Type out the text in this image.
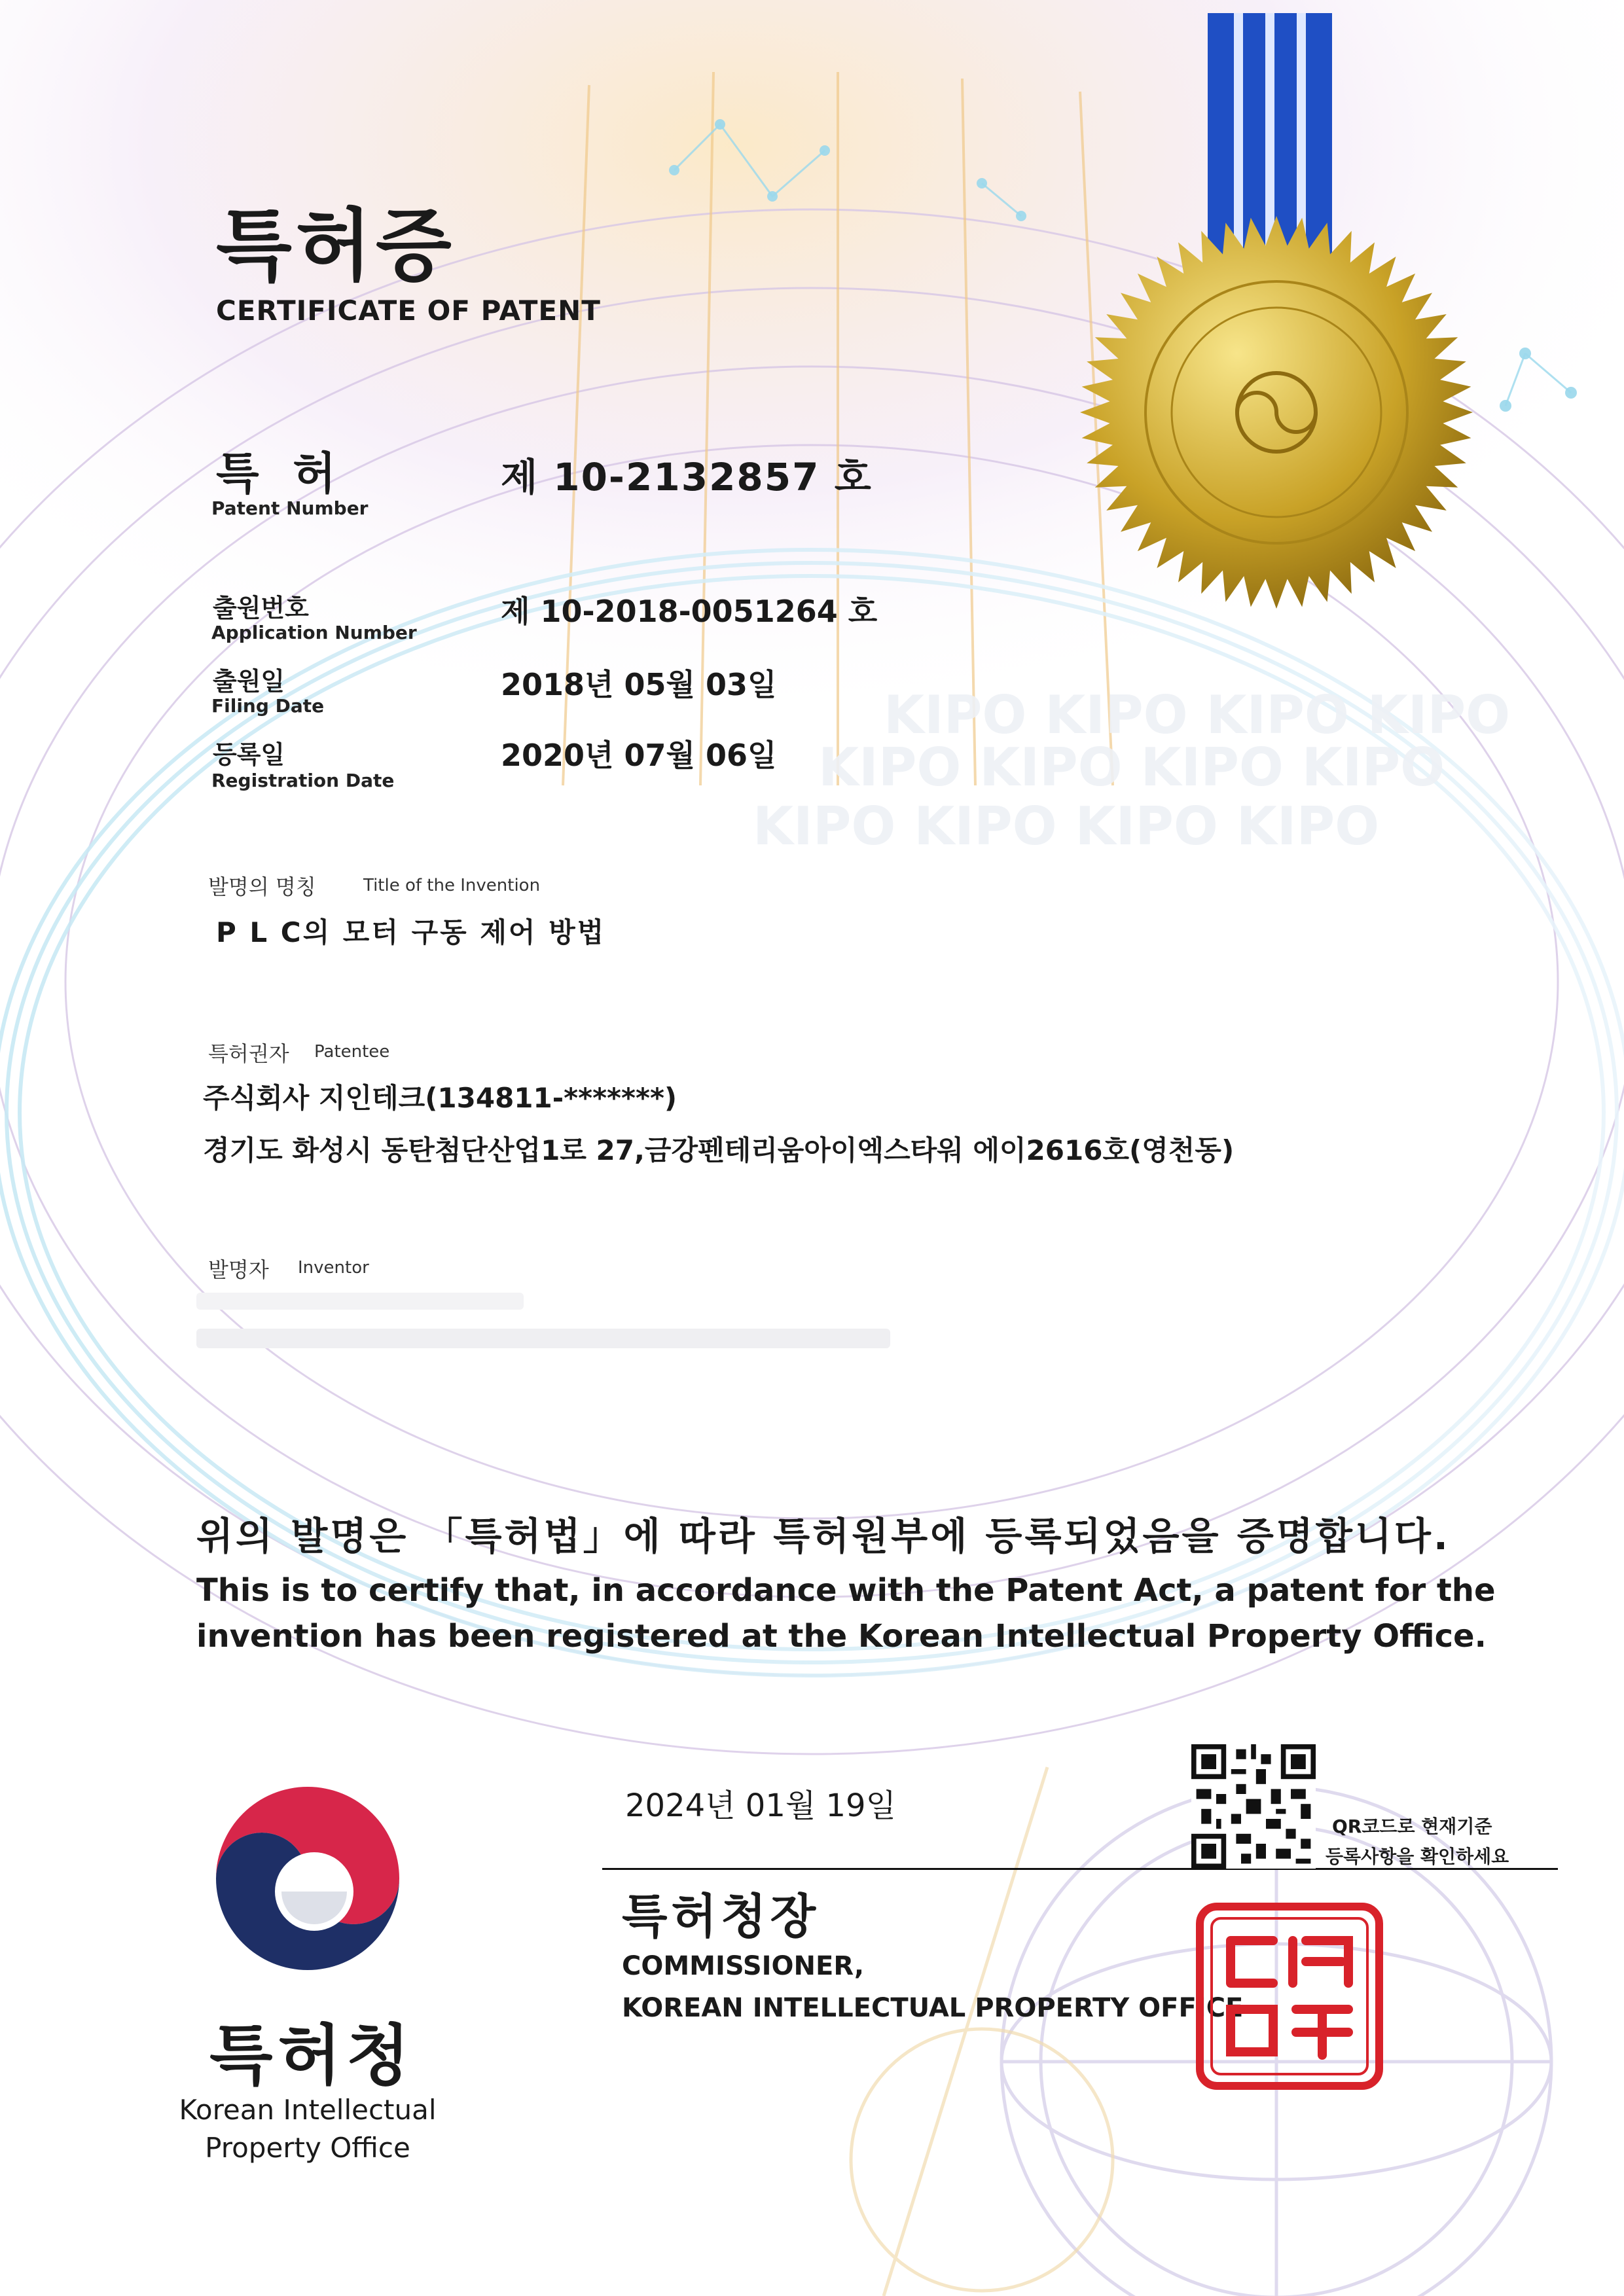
KIPO KIPO KIPO KIPO
KIPO KIPO KIPO KIPO
KIPO KIPO KIPO KIPO
특허증
CERTIFICATE OF PATENT
특 허
Patent Number
제 10-2132857 호
출원번호
Application Number
제 10-2018-0051264 호
출원일
Filing Date
2018년 05월 03일
등록일
Registration Date
2020년 07월 06일
발명의 명칭	Title of the Invention
P L C의 모터 구동 제어 방법
특허권자 Patentee
주식회사 지인테크(134811-*******)
경기도 화성시 동탄첨단산업1로 27,금강펜테리움아이엑스타워 에이2616호(영천동)
발명자 Inventor
위의 발명은 「특허법」에 따라 특허원부에 등록되었음을 증명합니다.
This is to certify that, in accordance with the Patent Act, a patent for the
invention has been registered at the Korean Intellectual Property Office.
2024년 01월 19일
특허청장
COMMISSIONER,
KOREAN INTELLECTUAL PROPERTY OFFICE
QR코드로 현재기준
등록사항을 확인하세요
특허청
Korean Intellectual Property Office
